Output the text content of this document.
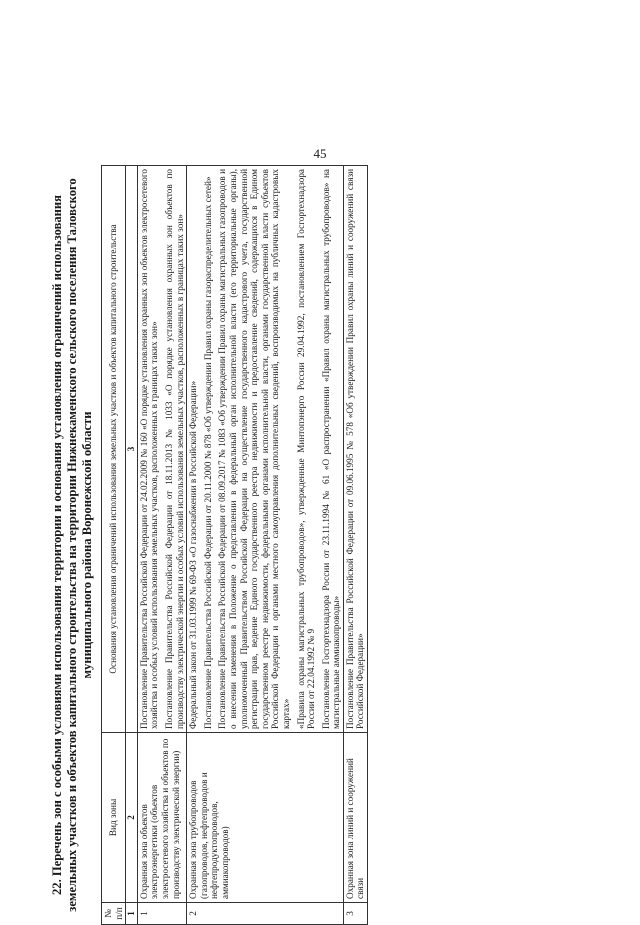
45
22. Перечень зон с особыми условиями использования территории и основания установления ограничений использования земельных участков и объектов капитального строительства на территории Нижнекаменского сельского поселения Таловского муниципального района Воронежской области
№ п/п	Вид зоны	Основания установления ограничений использования земельных участков и объектов капитального строительства
1	2	3
1	Охранная зона объектов электроэнергетики (объектов электросетевого хозяйства и объектов по производству электрической энергии)	Постановление Правительства Российской Федерации от 24.02.2009 № 160 «О порядке установления охранных зон объектов электросетевого хозяйства и особых условий использования земельных участков, расположенных в границах таких зон» Постановление Правительства Российской Федерации от 18.11.2013 № 1033 «О порядке установления охранных зон объектов по производству электрической энергии и особых условий использования земельных участков, расположенных в границах таких зон»

2	Охранная зона трубопроводов (газопроводов, нефтепроводов и нефтепродуктопроводов, аммиакопроводов)	Федеральный закон от 31.03.1999 № 69-ФЗ «О газоснабжении в Российской Федерации» Постановление Правительства Российской Федерации от 20.11.2000 № 878 «Об утверждении Правил охраны газораспределительных сетей» Постановление Правительства Российской Федерации от 08.09.2017 № 1083 «Об утверждении Правил охраны магистральных газопроводов и о внесении изменения в Положение о представлении в федеральный орган исполнительной власти (его территориальные органы), уполномоченный Правительством Российской Федерации на осуществление государственного кадастрового учета, государственной регистрации прав, ведение Единого государственного реестра недвижимости и предоставление сведений, содержащихся в Едином государственном реестре недвижимости, федеральными органами исполнительной власти, органами государственной власти субъектов Российской Федерации и органами местного самоуправления дополнительных сведений, воспроизводимых на публичных кадастровых картах» «Правила охраны магистральных трубопроводов», утвержденные Минтопэнерго России 29.04.1992, постановлением Госгортехнадзора России от 22.04.1992 № 9 Постановление Госгортехнадзора России от 23.11.1994 № 61 «О распространении «Правил охраны магистральных трубопроводов» на магистральные аммиакопроводы»

3	Охранная зона линий и сооружений связи	Постановление Правительства Российской Федерации от 09.06.1995 № 578 «Об утверждении Правил охраны линий и сооружений связи Российской Федерации»
